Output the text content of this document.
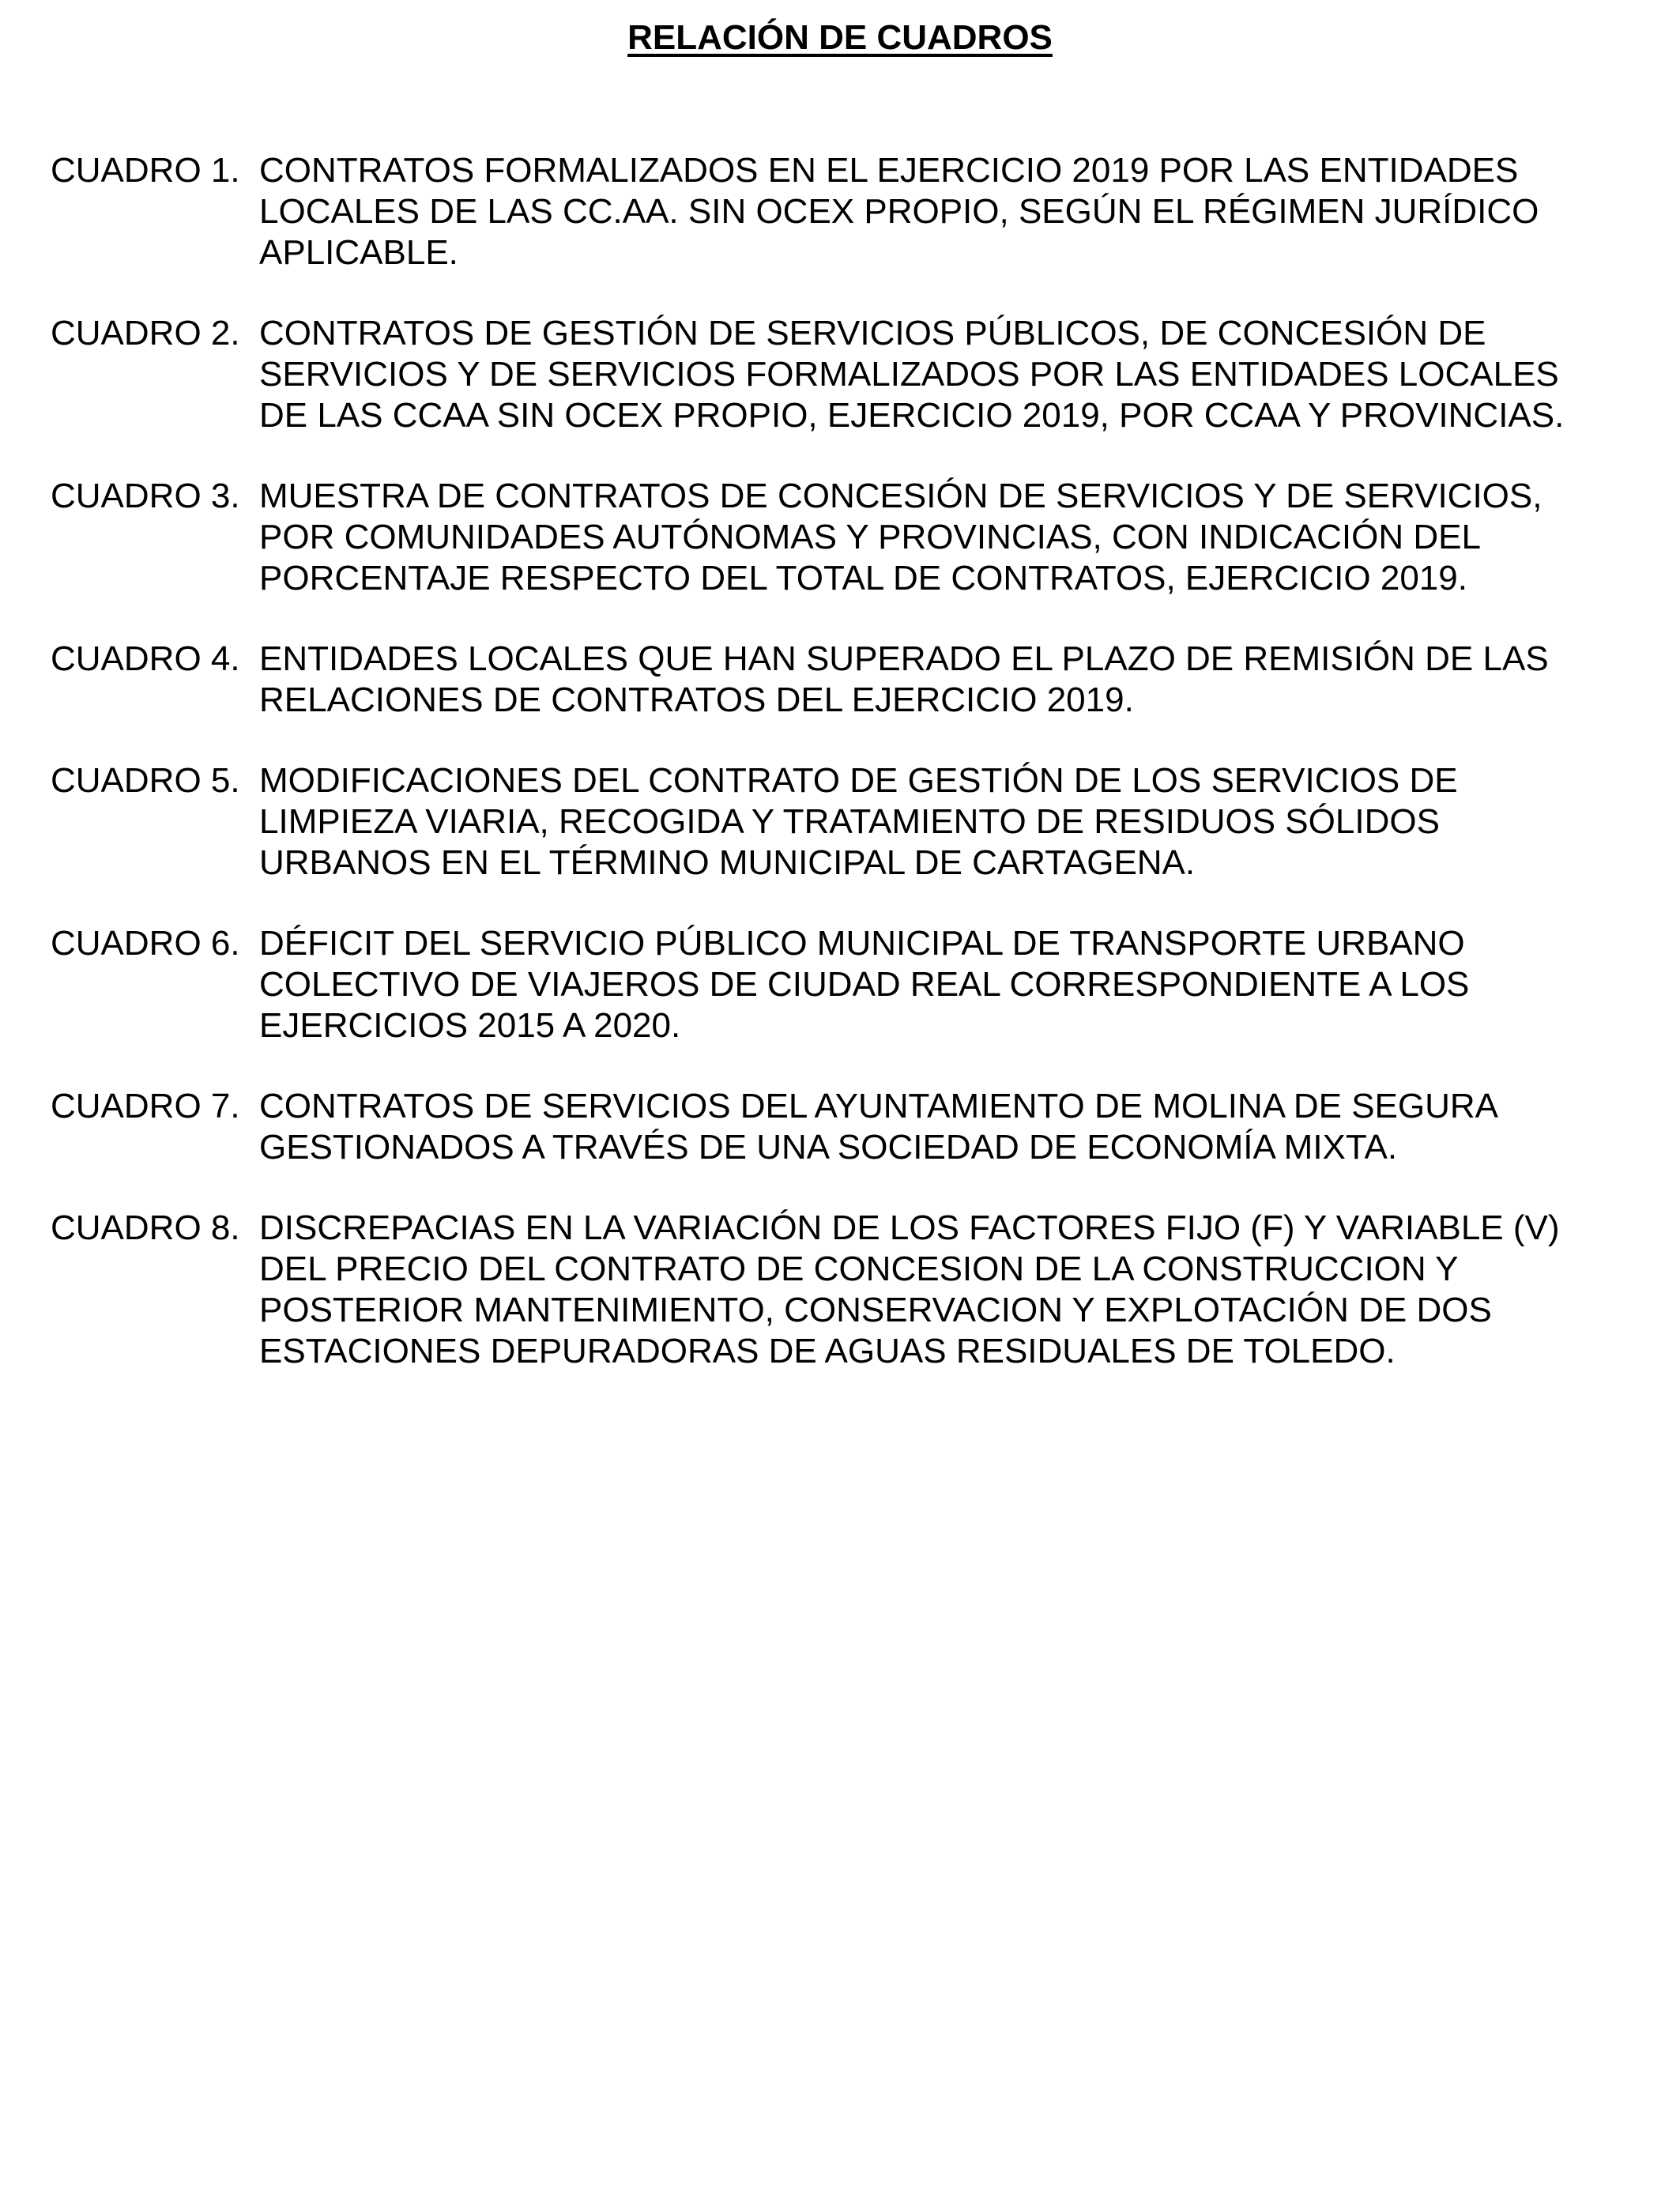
RELACIÓN DE CUADROS
CUADRO 1. CONTRATOS FORMALIZADOS EN EL EJERCICIO 2019 POR LAS ENTIDADES
LOCALES DE LAS CC.AA. SIN OCEX PROPIO, SEGÚN EL RÉGIMEN JURÍDICO
APLICABLE.
CUADRO 2. CONTRATOS DE GESTIÓN DE SERVICIOS PÚBLICOS, DE CONCESIÓN DE
SERVICIOS Y DE SERVICIOS FORMALIZADOS POR LAS ENTIDADES LOCALES
DE LAS CCAA SIN OCEX PROPIO, EJERCICIO 2019, POR CCAA Y PROVINCIAS.
CUADRO 3. MUESTRA DE CONTRATOS DE CONCESIÓN DE SERVICIOS Y DE SERVICIOS,
POR COMUNIDADES AUTÓNOMAS Y PROVINCIAS, CON INDICACIÓN DEL
PORCENTAJE RESPECTO DEL TOTAL DE CONTRATOS, EJERCICIO 2019.
CUADRO 4. ENTIDADES LOCALES QUE HAN SUPERADO EL PLAZO DE REMISIÓN DE LAS
RELACIONES DE CONTRATOS DEL EJERCICIO 2019.
CUADRO 5. MODIFICACIONES DEL CONTRATO DE GESTIÓN DE LOS SERVICIOS DE
LIMPIEZA VIARIA, RECOGIDA Y TRATAMIENTO DE RESIDUOS SÓLIDOS
URBANOS EN EL TÉRMINO MUNICIPAL DE CARTAGENA.
CUADRO 6. DÉFICIT DEL SERVICIO PÚBLICO MUNICIPAL DE TRANSPORTE URBANO
COLECTIVO DE VIAJEROS DE CIUDAD REAL CORRESPONDIENTE A LOS
EJERCICIOS 2015 A 2020.
CUADRO 7. CONTRATOS DE SERVICIOS DEL AYUNTAMIENTO DE MOLINA DE SEGURA
GESTIONADOS A TRAVÉS DE UNA SOCIEDAD DE ECONOMÍA MIXTA.
CUADRO 8. DISCREPACIAS EN LA VARIACIÓN DE LOS FACTORES FIJO (F) Y VARIABLE (V)
DEL PRECIO DEL CONTRATO DE CONCESION DE LA CONSTRUCCION Y
POSTERIOR MANTENIMIENTO, CONSERVACION Y EXPLOTACIÓN DE DOS
ESTACIONES DEPURADORAS DE AGUAS RESIDUALES DE TOLEDO.
